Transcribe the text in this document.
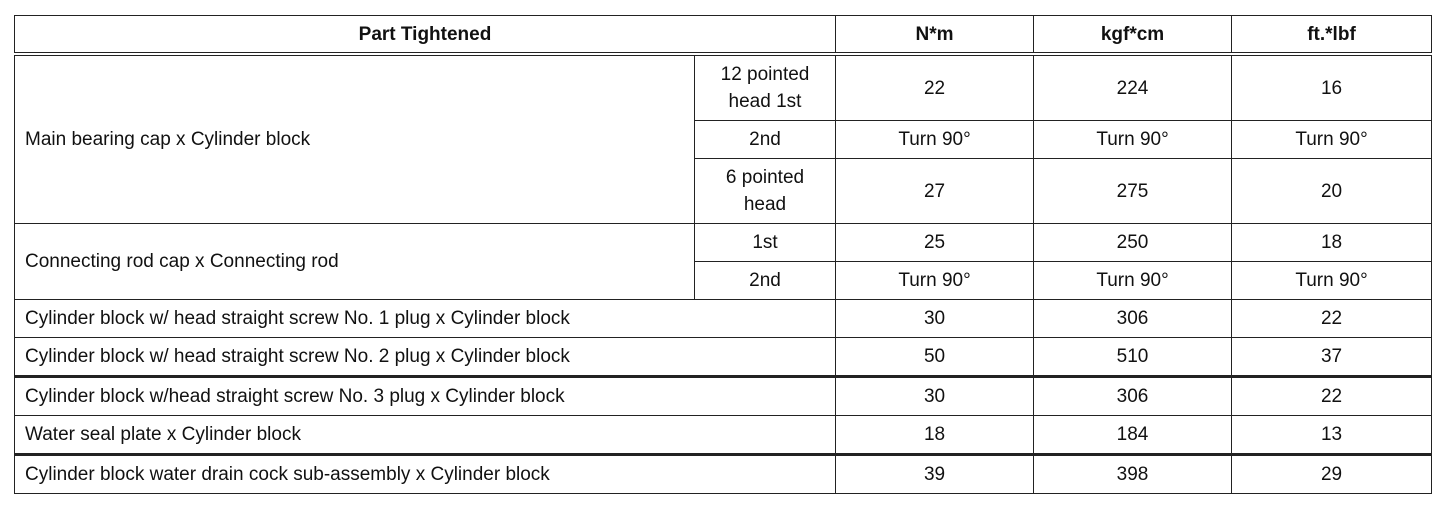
Part Tightened		N*m	kgf*cm	ft.*lbf
Main bearing cap x Cylinder block	12 pointed head 1st	22	224	16
	2nd	Turn 90°	Turn 90°	Turn 90°
	6 pointed head	27	275	20
Connecting rod cap x Connecting rod	1st	25	250	18
	2nd	Turn 90°	Turn 90°	Turn 90°
Cylinder block w/ head straight screw No. 1 plug x Cylinder block		30	306	22
Cylinder block w/ head straight screw No. 2 plug x Cylinder block		50	510	37
Cylinder block w/head straight screw No. 3 plug x Cylinder block		30	306	22
Water seal plate x Cylinder block		18	184	13
Cylinder block water drain cock sub-assembly x Cylinder block		39	398	29
